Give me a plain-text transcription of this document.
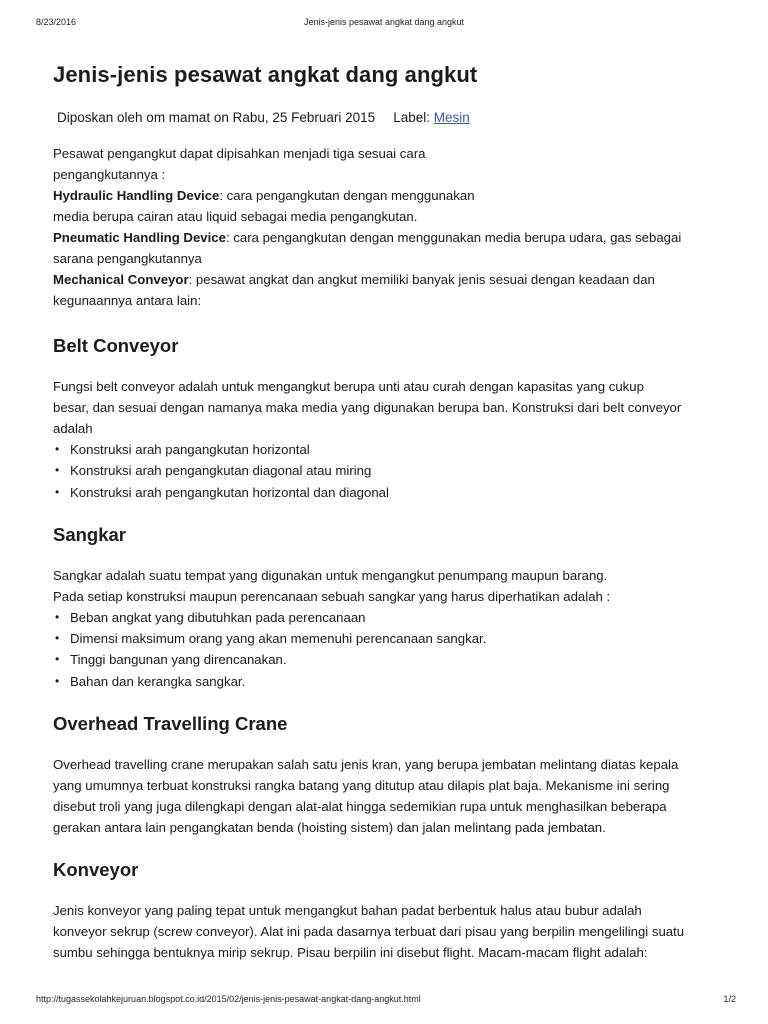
8/23/2016	Jenis-jenis pesawat angkat dang angkut
Jenis-jenis pesawat angkat dang angkut
Diposkan oleh om mamat on Rabu, 25 Februari 2015 Label: Mesin

Pesawat pengangkut dapat dipisahkan menjadi tiga sesuai cara
pengangkutannya :
Hydraulic Handling Device: cara pengangkutan dengan menggunakan
media berupa cairan atau liquid sebagai media pengangkutan.
Pneumatic Handling Device: cara pengangkutan dengan menggunakan media berupa udara, gas sebagai
sarana pengangkutannya
Mechanical Conveyor: pesawat angkat dan angkut memiliki banyak jenis sesuai dengan keadaan dan
kegunaannya antara lain:

Belt Conveyor

Fungsi belt conveyor adalah untuk mengangkut berupa unti atau curah dengan kapasitas yang cukup
besar, dan sesuai dengan namanya maka media yang digunakan berupa ban. Konstruksi dari belt conveyor
adalah

• Konstruksi arah pangangkutan horizontal
• Konstruksi arah pengangkutan diagonal atau miring
• Konstruksi arah pengangkutan horizontal dan diagonal
Sangkar

Sangkar adalah suatu tempat yang digunakan untuk mengangkut penumpang maupun barang.
Pada setiap konstruksi maupun perencanaan sebuah sangkar yang harus diperhatikan adalah :

• Beban angkat yang dibutuhkan pada perencanaan
• Dimensi maksimum orang yang akan memenuhi perencanaan sangkar.
• Tinggi bangunan yang direncanakan.
• Bahan dan kerangka sangkar.
Overhead Travelling Crane

Overhead travelling crane merupakan salah satu jenis kran, yang berupa jembatan melintang diatas kepala
yang umumnya terbuat konstruksi rangka batang yang ditutup atau dilapis plat baja. Mekanisme ini sering
disebut troli yang juga dilengkapi dengan alat-alat hingga sedemikian rupa untuk menghasilkan beberapa
gerakan antara lain pengangkatan benda (hoisting sistem) dan jalan melintang pada jembatan.

Konveyor

Jenis konveyor yang paling tepat untuk mengangkut bahan padat berbentuk halus atau bubur adalah
konveyor sekrup (screw conveyor). Alat ini pada dasarnya terbuat dari pisau yang berpilin mengelilingi suatu
sumbu sehingga bentuknya mirip sekrup. Pisau berpilin ini disebut flight. Macam-macam flight adalah:

http://tugassekolahkejuruan.blogspot.co.id/2015/02/jenis-jenis-pesawat-angkat-dang-angkut.html	1/2
